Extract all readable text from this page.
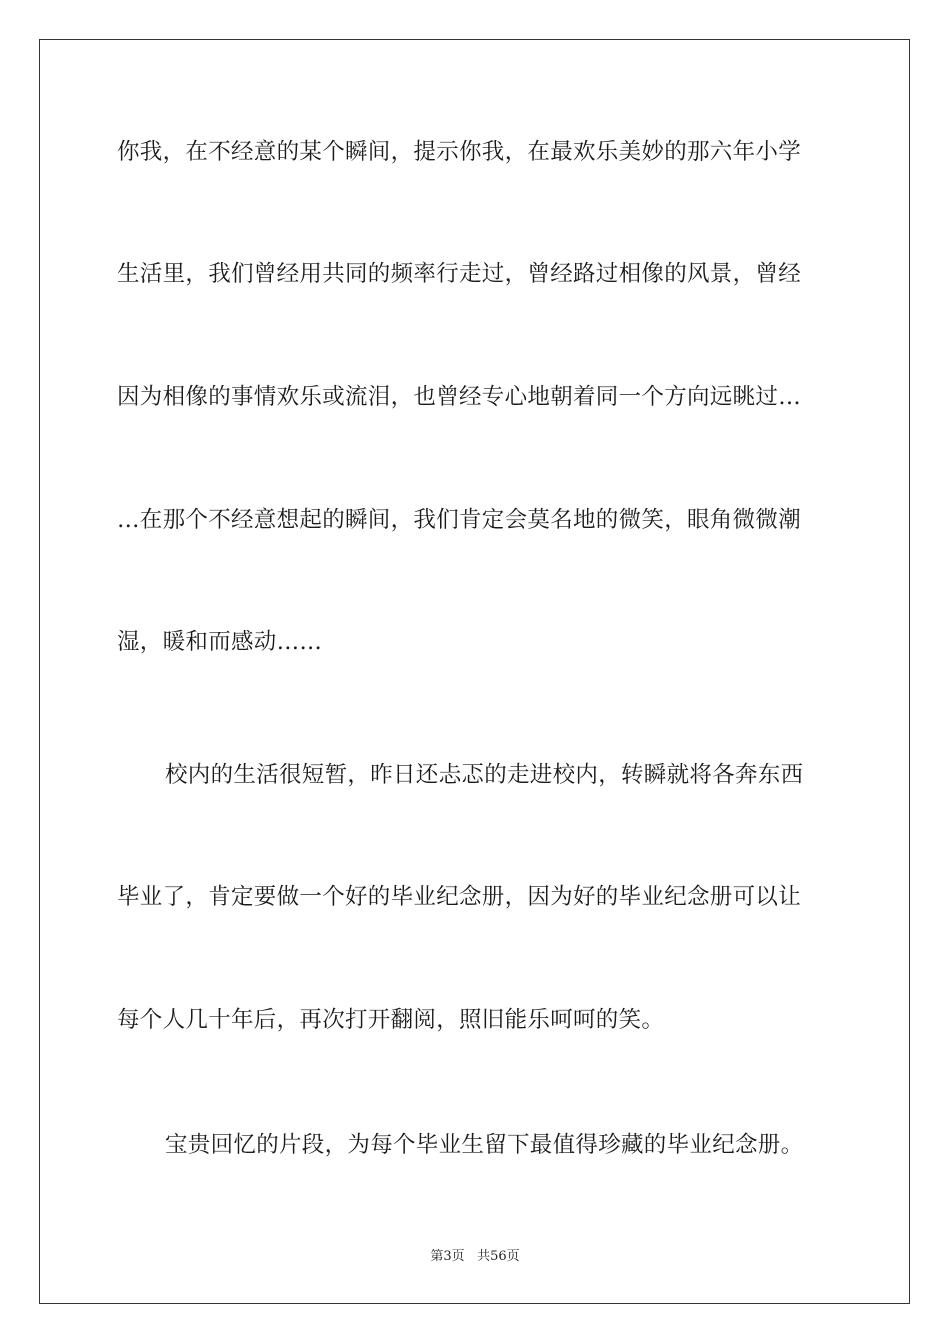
你我，在不经意的某个瞬间，提示你我，在最欢乐美妙的那六年小学

生活里，我们曾经用共同的频率行走过，曾经路过相像的风景，曾经

因为相像的事情欢乐或流泪，也曾经专心地朝着同一个方向远眺过…

…在那个不经意想起的瞬间，我们肯定会莫名地的微笑，眼角微微潮

湿，暖和而感动……

校内的生活很短暂，昨日还忐忑的走进校内，转瞬就将各奔东西

毕业了，肯定要做一个好的毕业纪念册，因为好的毕业纪念册可以让

每个人几十年后，再次打开翻阅，照旧能乐呵呵的笑。

宝贵回忆的片段，为每个毕业生留下最值得珍藏的毕业纪念册。

第3页 共56页
